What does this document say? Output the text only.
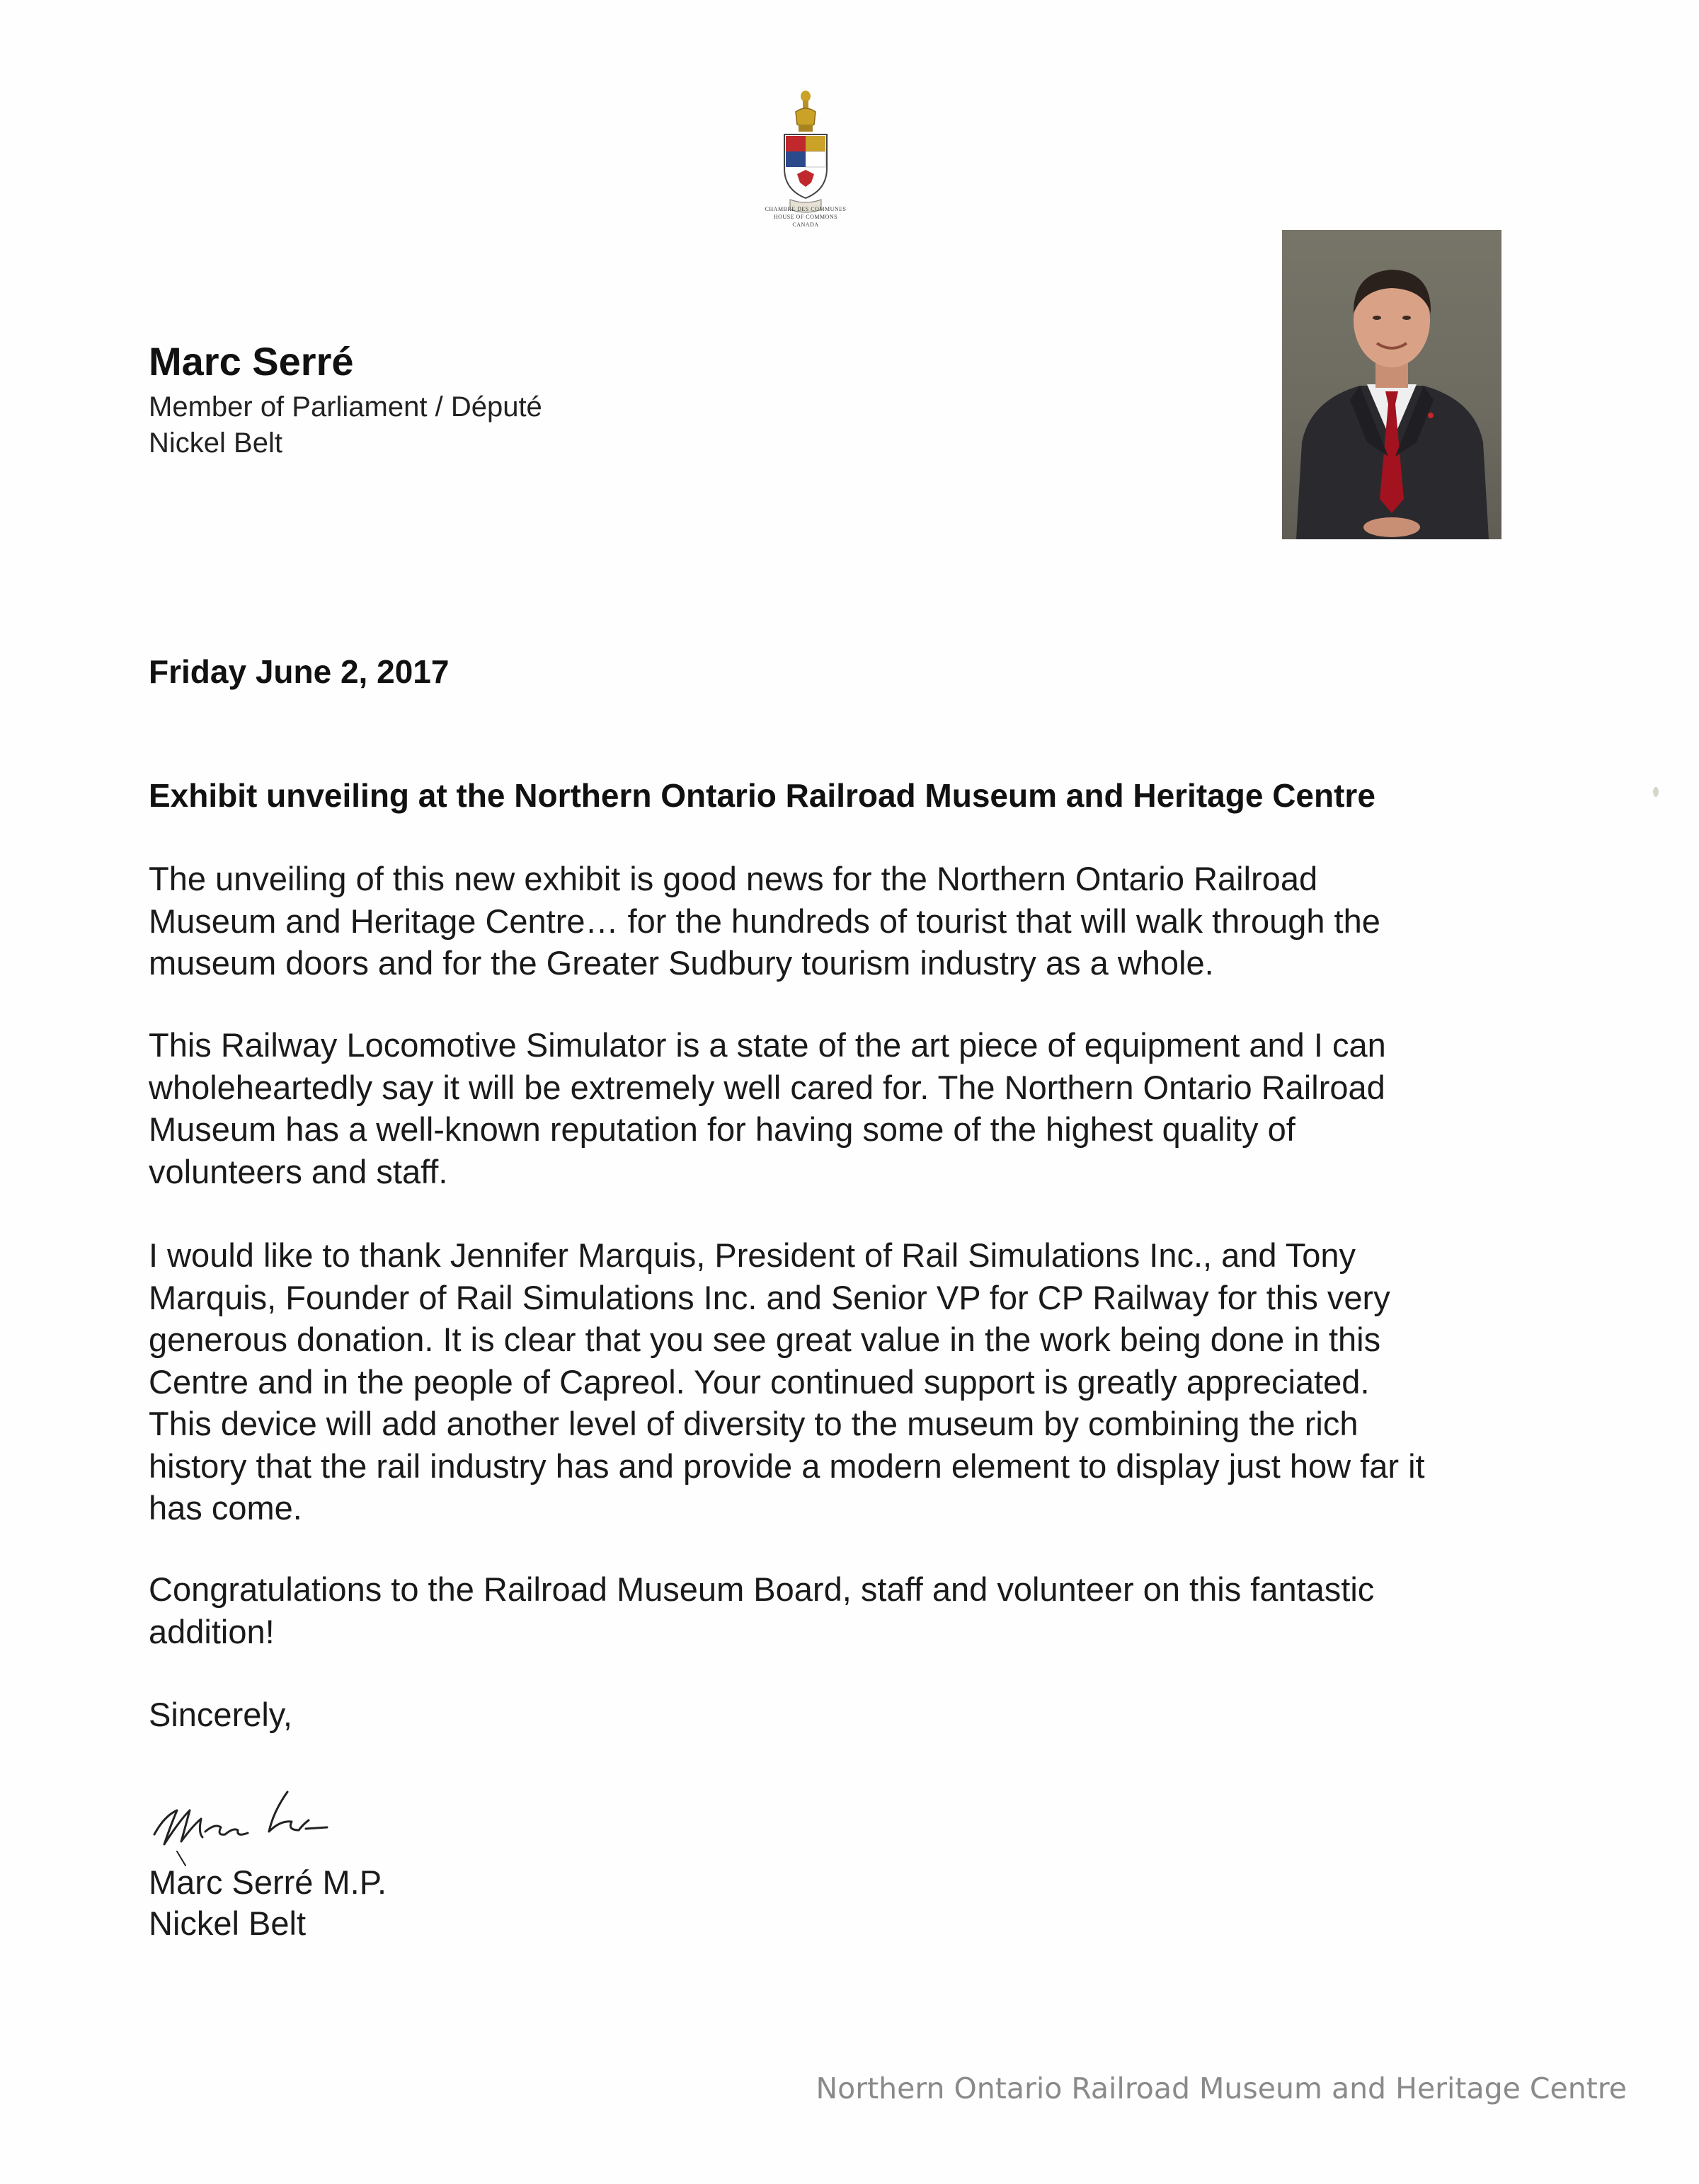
CHAMBRE DES COMMUNES
HOUSE OF COMMONS
CANADA
Marc Serré
Member of Parliament / Député
Nickel Belt
Friday June 2, 2017
Exhibit unveiling at the Northern Ontario Railroad Museum and Heritage Centre
The unveiling of this new exhibit is good news for the Northern Ontario Railroad
Museum and Heritage Centre… for the hundreds of tourist that will walk through the
museum doors and for the Greater Sudbury tourism industry as a whole.
This Railway Locomotive Simulator is a state of the art piece of equipment and I can
wholeheartedly say it will be extremely well cared for. The Northern Ontario Railroad
Museum has a well-known reputation for having some of the highest quality of
volunteers and staff.
I would like to thank Jennifer Marquis, President of Rail Simulations Inc., and Tony
Marquis, Founder of Rail Simulations Inc. and Senior VP for CP Railway for this very
generous donation. It is clear that you see great value in the work being done in this
Centre and in the people of Capreol. Your continued support is greatly appreciated.
This device will add another level of diversity to the museum by combining the rich
history that the rail industry has and provide a modern element to display just how far it
has come.
Congratulations to the Railroad Museum Board, staff and volunteer on this fantastic
addition!
Sincerely,
Marc Serré M.P.
Nickel Belt
Northern Ontario Railroad Museum and Heritage Centre
